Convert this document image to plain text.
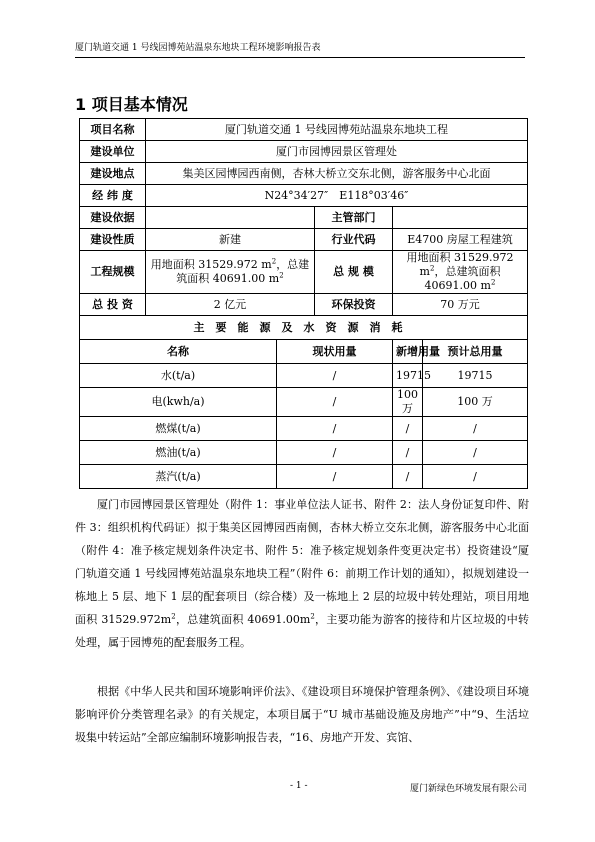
厦门轨道交通 1 号线园博苑站温泉东地块工程环境影响报告表
1 项目基本情况
项目名称	厦门轨道交通 1 号线园博苑站温泉东地块工程				
建设单位	厦门市园博园景区管理处				
建设地点	集美区园博园西南侧，杏林大桥立交东北侧，游客服务中心北面				
经 纬 度	N24°34′27″　E118°03′46″				
建设依据			主管部门		
建设性质	新建		行业代码	E4700 房屋工程建筑	
工程规模	用地面积 31529.972 $m^2$，总建筑面积 40691.00 $m^2$		总 规 模	用地面积 31529.972 $m^2$，总建筑面积 40691.00 $m^2$
总 投 资	2 亿元		环保投资	70 万元	
主要能源及水资源消耗					
名称		现状用量		新增用量	预计总用量
水(t/a)		/		19715	19715
电(kwh/a)		/		100 万	100 万
燃煤(t/a)		/		/	/
燃油(t/a)		/		/	/
蒸汽(t/a)		/		/	/

厦门市园博园景区管理处（附件 1：事业单位法人证书、附件 2：法人身份证复印件、附件 3：组织机构代码证）拟于集美区园博园西南侧，杏林大桥立交东北侧，游客服务中心北面（附件 4：准予核定规划条件决定书、附件 5：准予核定规划条件变更决定书）投资建设“厦门轨道交通 1 号线园博苑站温泉东地块工程”（附件 6：前期工作计划的通知），拟规划建设一栋地上 5 层、地下 1 层的配套项目（综合楼）及一栋地上 2 层的垃圾中转处理站，项目用地面积 $31529.972m^2$，总建筑面积 $40691.00m^2$，主要功能为游客的接待和片区垃圾的中转处理，属于园博苑的配套服务工程。

根据《中华人民共和国环境影响评价法》、《建设项目环境保护管理条例》、《建设项目环境影响评价分类管理名录》的有关规定，本项目属于“U 城市基础设施及房地产”中“9、生活垃圾集中转运站”全部应编制环境影响报告表，“16、房地产开发、宾馆、

- 1 -	厦门新绿色环境发展有限公司
